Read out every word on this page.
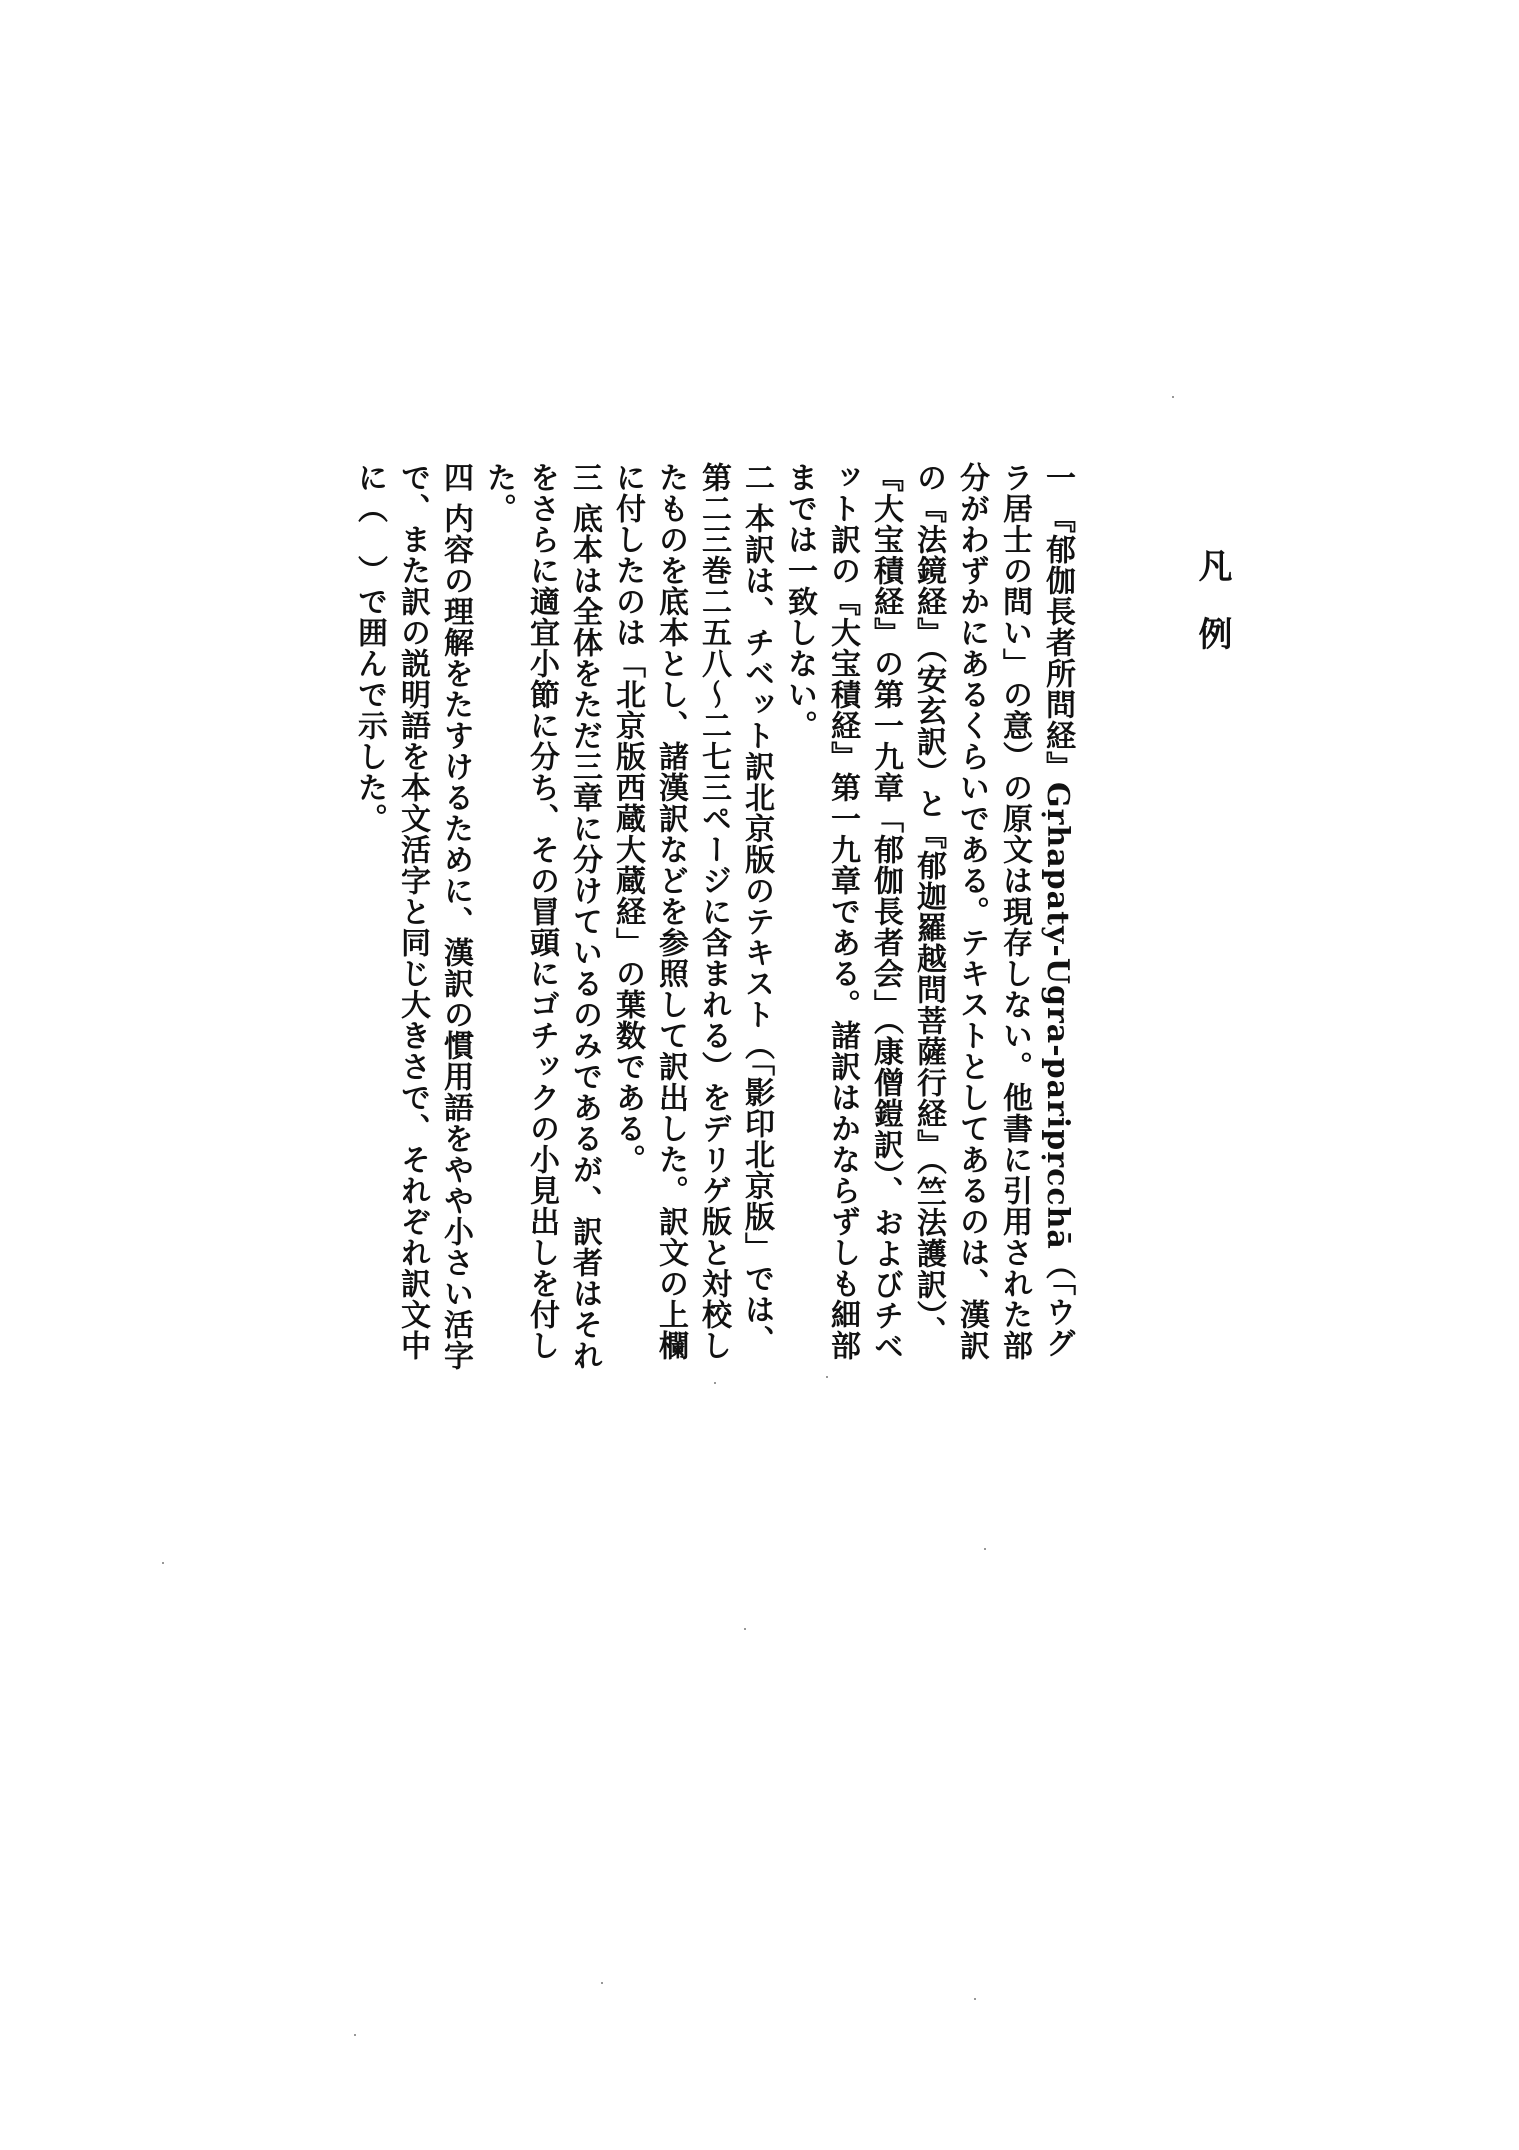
凡例

一『郁伽長者所問経』Gṛhapaty-Ugra-paripṛcchā（「ウグラ居士の問い」の意）の原文は現存しない。他書に引用された部分がわずかにあるくらいである。テキストとしてあるのは、漢訳の『法鏡経』（安玄訳）と『郁迦羅越問菩薩行経』（竺法護訳）、『大宝積経』の第一九章「郁伽長者会」（康僧鎧訳）、およびチベット訳の『大宝積経』第一九章である。諸訳はかならずしも細部までは一致しない。

二本訳は、チベット訳北京版のテキスト（「影印北京版」では、第二三巻二五八～二七三ページに含まれる）をデリゲ版と対校したものを底本とし、諸漢訳などを参照して訳出した。訳文の上欄に付したのは「北京版西蔵大蔵経」の葉数である。

三底本は全体をただ三章に分けているのみであるが、訳者はそれをさらに適宜小節に分ち、その冒頭にゴチックの小見出しを付した。

四内容の理解をたすけるために、漢訳の慣用語をやや小さい活字で、また訳の説明語を本文活字と同じ大きさで、それぞれ訳文中に（　）で囲んで示した。
